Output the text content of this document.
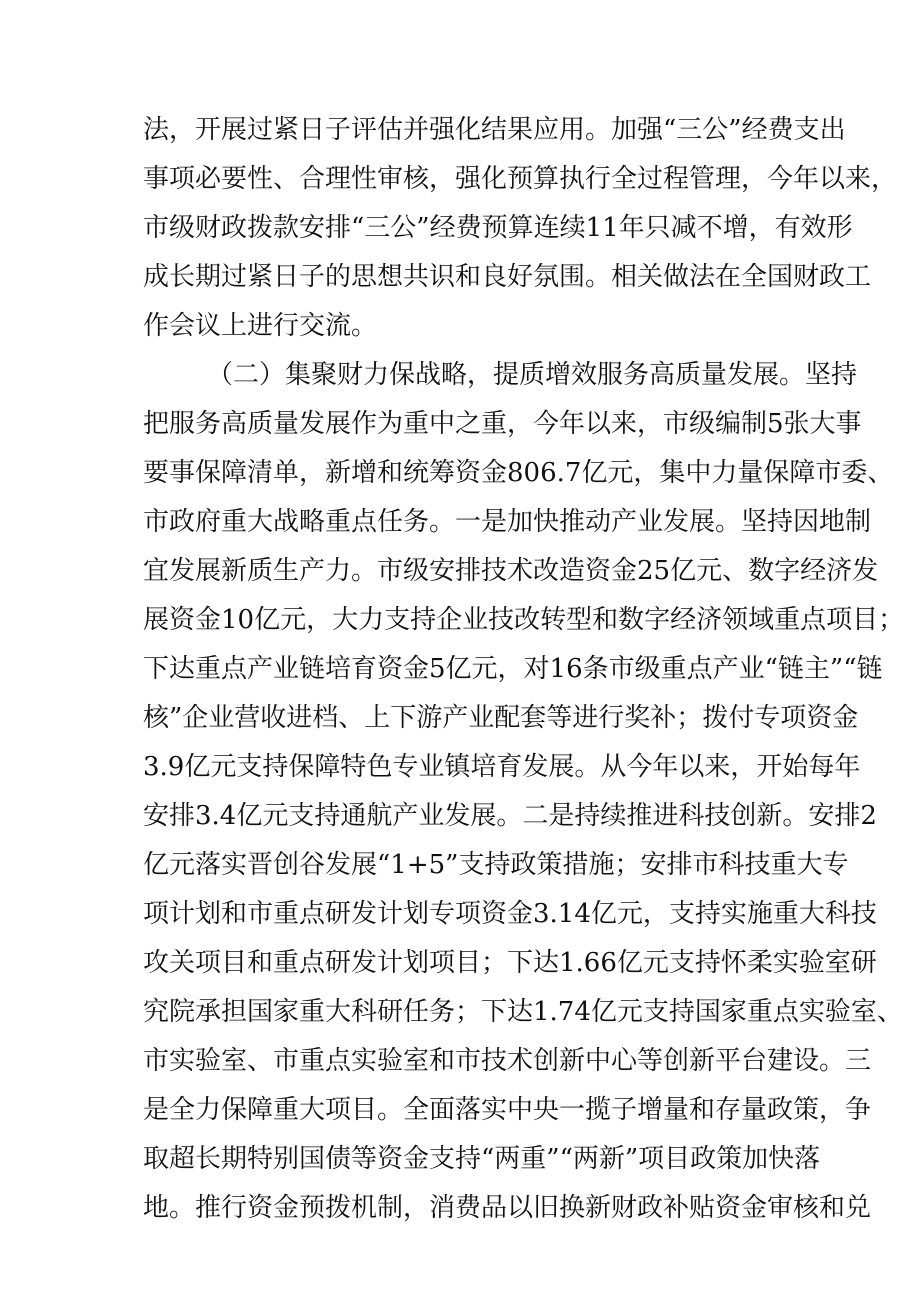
法，开展过紧日子评估并强化结果应用。加强“三公”经费支出
事项必要性、合理性审核，强化预算执行全过程管理，今年以来，
市级财政拨款安排“三公”经费预算连续11年只减不增，有效形
成长期过紧日子的思想共识和良好氛围。相关做法在全国财政工
作会议上进行交流。
（二）集聚财力保战略，提质增效服务高质量发展。坚持
把服务高质量发展作为重中之重，今年以来，市级编制5张大事
要事保障清单，新增和统筹资金806.7亿元，集中力量保障市委、
市政府重大战略重点任务。一是加快推动产业发展。坚持因地制
宜发展新质生产力。市级安排技术改造资金25亿元、数字经济发
展资金10亿元，大力支持企业技改转型和数字经济领域重点项目；
下达重点产业链培育资金5亿元，对16条市级重点产业“链主”“链
核”企业营收进档、上下游产业配套等进行奖补；拨付专项资金
3.9亿元支持保障特色专业镇培育发展。从今年以来，开始每年
安排3.4亿元支持通航产业发展。二是持续推进科技创新。安排2
亿元落实晋创谷发展“1+5”支持政策措施；安排市科技重大专
项计划和市重点研发计划专项资金3.14亿元，支持实施重大科技
攻关项目和重点研发计划项目；下达1.66亿元支持怀柔实验室研
究院承担国家重大科研任务；下达1.74亿元支持国家重点实验室、
市实验室、市重点实验室和市技术创新中心等创新平台建设。三
是全力保障重大项目。全面落实中央一揽子增量和存量政策，争
取超长期特别国债等资金支持“两重”“两新”项目政策加快落
地。推行资金预拨机制，消费品以旧换新财政补贴资金审核和兑
